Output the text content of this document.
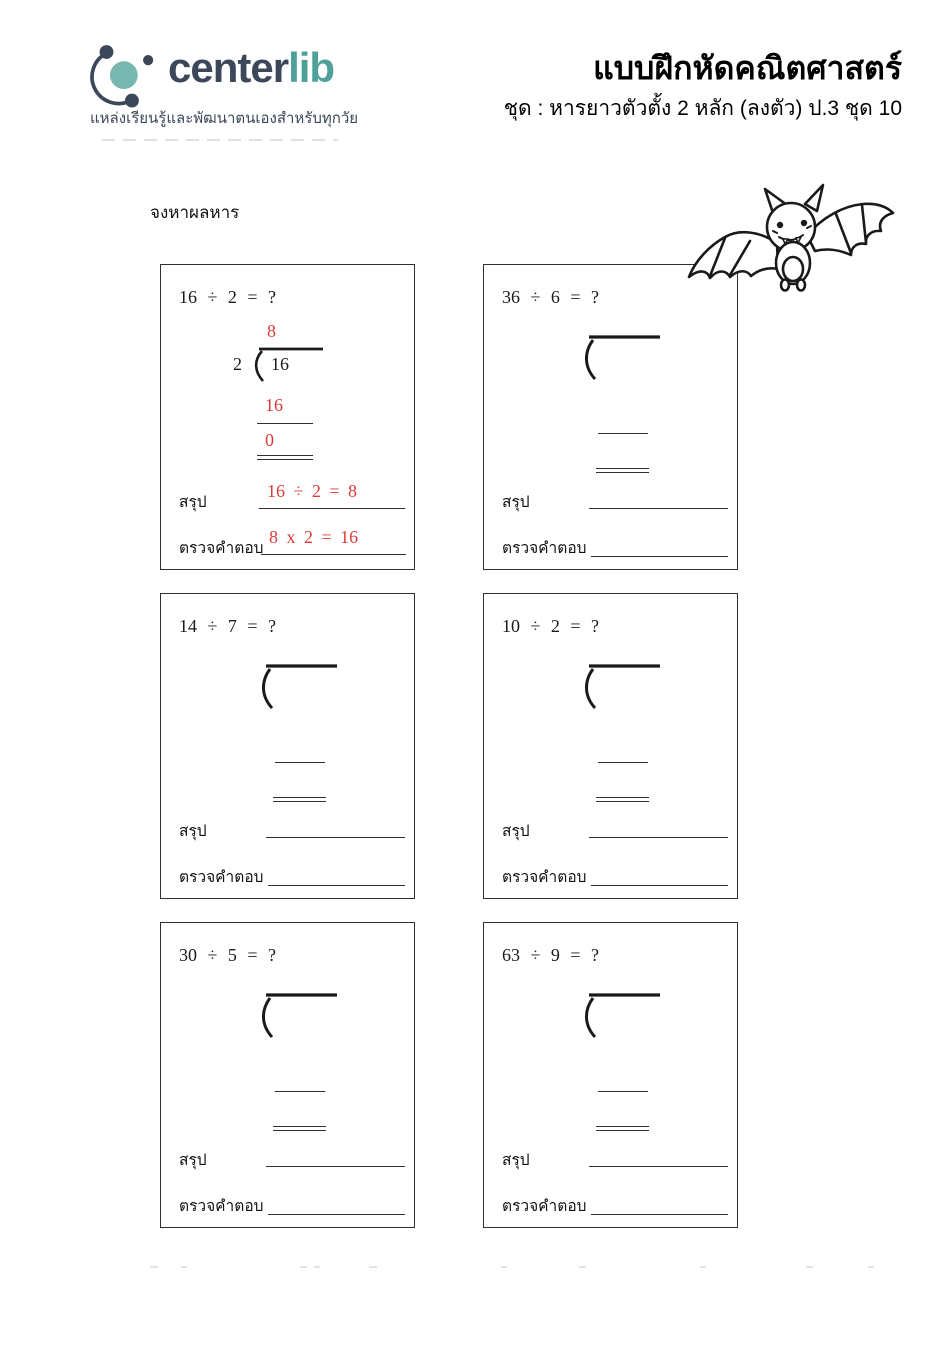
centerlib
แหล่งเรียนรู้และพัฒนาตนเองสำหรับทุกวัย
แบบฝึกหัดคณิตศาสตร์
ชุด : หารยาวตัวตั้ง 2 หลัก (ลงตัว) ป.3 ชุด 10
จงหาผลหาร
16 ÷ 2 = ?
8
2 16
16
0
สรุป
16 ÷ 2 = 8
ตรวจคำตอบ
8 x 2 = 16
36 ÷ 6 = ?
สรุป
ตรวจคำตอบ
14 ÷ 7 = ?
สรุป
ตรวจคำตอบ
10 ÷ 2 = ?
สรุป
ตรวจคำตอบ
30 ÷ 5 = ?
สรุป
ตรวจคำตอบ
63 ÷ 9 = ?
สรุป
ตรวจคำตอบ
